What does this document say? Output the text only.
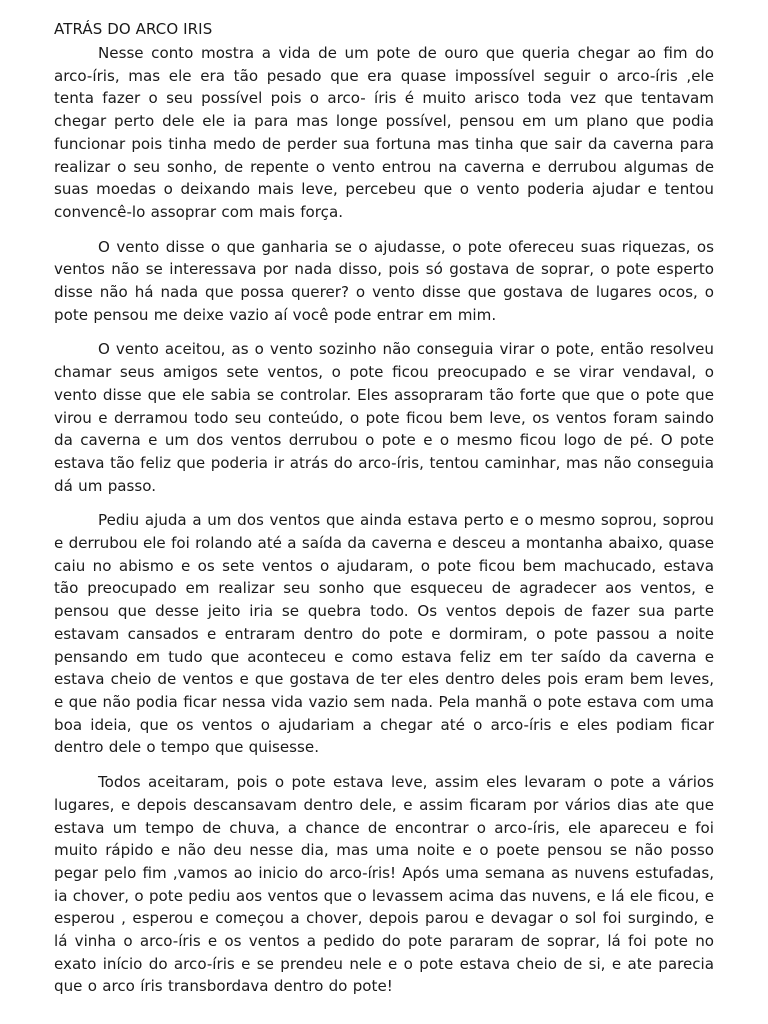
ATRÁS DO ARCO IRIS

Nesse conto mostra a vida de um pote de ouro que queria chegar ao fim do arco-íris, mas ele era tão pesado que era quase impossível seguir o arco-íris ,ele tenta fazer o seu possível pois o arco- íris é muito arisco toda vez que tentavam chegar perto dele ele ia para mas longe possível, pensou em um plano que podia funcionar pois tinha medo de perder sua fortuna mas tinha que sair da caverna para realizar o seu sonho, de repente o vento entrou na caverna e derrubou algumas de suas moedas o deixando mais leve, percebeu que o vento poderia ajudar e tentou convencê-lo assoprar com mais força.

O vento disse o que ganharia se o ajudasse, o pote ofereceu suas riquezas, os ventos não se interessava por nada disso, pois só gostava de soprar, o pote esperto disse não há nada que possa querer? o vento disse que gostava de lugares ocos, o pote pensou me deixe vazio aí você pode entrar em mim.

O vento aceitou, as o vento sozinho não conseguia virar o pote, então resolveu chamar seus amigos sete ventos, o pote ficou preocupado e se virar vendaval, o vento disse que ele sabia se controlar. Eles assopraram tão forte que que o pote que virou e derramou todo seu conteúdo, o pote ficou bem leve, os ventos foram saindo da caverna e um dos ventos derrubou o pote e o mesmo ficou logo de pé. O pote estava tão feliz que poderia ir atrás do arco-íris, tentou caminhar, mas não conseguia dá um passo.

Pediu ajuda a um dos ventos que ainda estava perto e o mesmo soprou, soprou e derrubou ele foi rolando até a saída da caverna e desceu a montanha abaixo, quase caiu no abismo e os sete ventos o ajudaram, o pote ficou bem machucado, estava tão preocupado em realizar seu sonho que esqueceu de agradecer aos ventos, e pensou que desse jeito iria se quebra todo. Os ventos depois de fazer sua parte estavam cansados e entraram dentro do pote e dormiram, o pote passou a noite pensando em tudo que aconteceu e como estava feliz em ter saído da caverna e estava cheio de ventos e que gostava de ter eles dentro deles pois eram bem leves, e que não podia ficar nessa vida vazio sem nada. Pela manhã o pote estava com uma boa ideia, que os ventos o ajudariam a chegar até o arco-íris e eles podiam ficar dentro dele o tempo que quisesse.

Todos aceitaram, pois o pote estava leve, assim eles levaram o pote a vários lugares, e depois descansavam dentro dele, e assim ficaram por vários dias ate que estava um tempo de chuva, a chance de encontrar o arco-íris, ele apareceu e foi muito rápido e não deu nesse dia, mas uma noite e o poete pensou se não posso pegar pelo fim ,vamos ao inicio do arco-íris! Após uma semana as nuvens estufadas, ia chover, o pote pediu aos ventos que o levassem acima das nuvens, e lá ele ficou, e esperou , esperou e começou a chover, depois parou e devagar o sol foi surgindo, e lá vinha o arco-íris e os ventos a pedido do pote pararam de soprar, lá foi pote no exato início do arco-íris e se prendeu nele e o pote estava cheio de si, e ate parecia que o arco íris transbordava dentro do pote!
